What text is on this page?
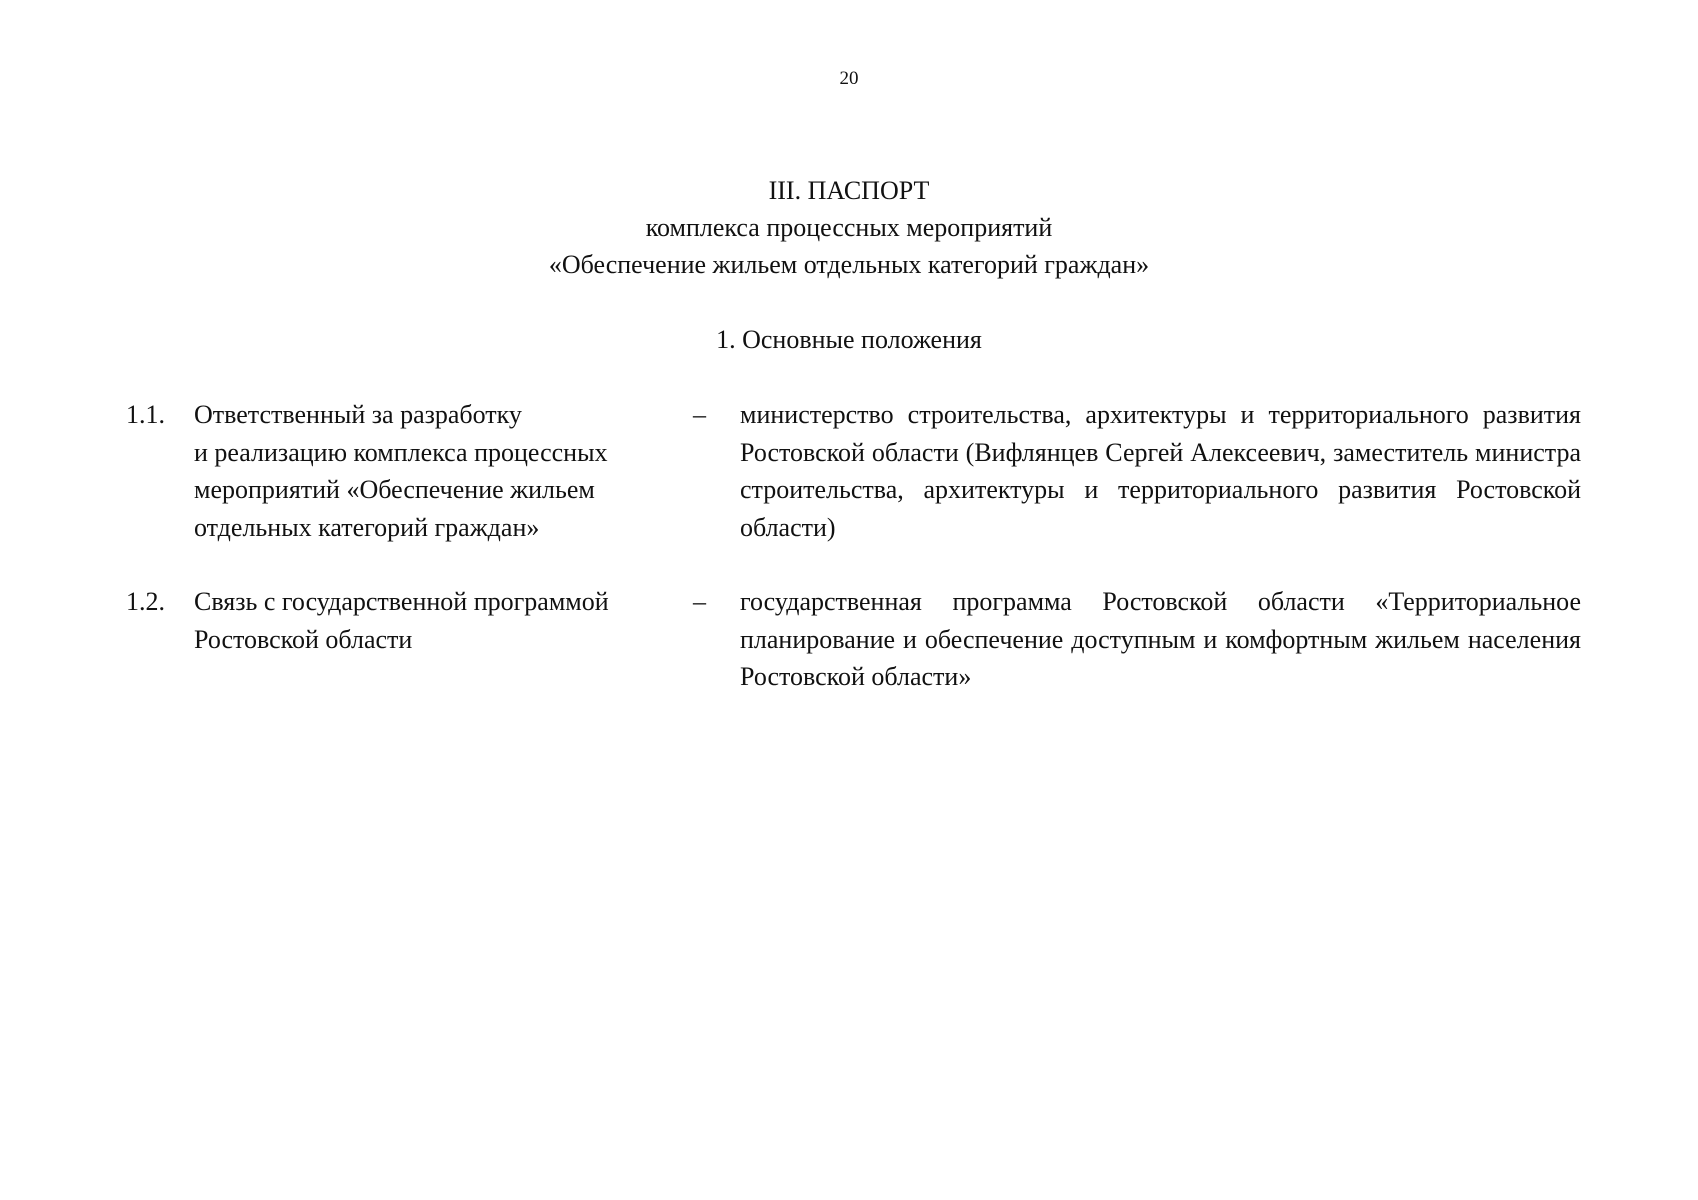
20
III. ПАСПОРТ
комплекса процессных мероприятий
«Обеспечение жильем отдельных категорий граждан»
1. Основные положения
1.1. Ответственный за разработку
и реализацию комплекса процессных мероприятий «Обеспечение жильем отдельных категорий граждан»
– министерство строительства, архитектуры и территориального развития Ростовской области (Вифлянцев Сергей Алексеевич, заместитель министра строительства, архитектуры и территориального развития Ростовской области)
1.2. Связь с государственной программой Ростовской области
– государственная программа Ростовской области «Территориальное планирование и обеспечение доступным и комфортным жильем населения Ростовской области»
